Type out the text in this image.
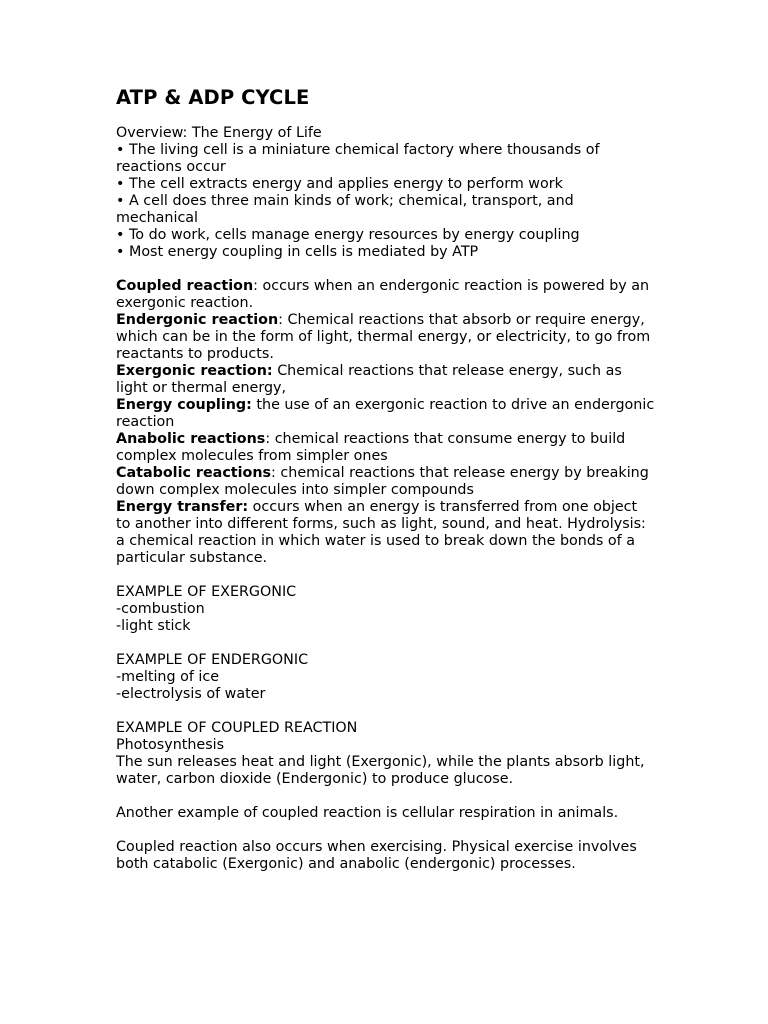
ATP & ADP CYCLE

Overview: The Energy of Life

• The living cell is a miniature chemical factory where thousands of reactions occur

• The cell extracts energy and applies energy to perform work

• A cell does three main kinds of work; chemical, transport, and mechanical

• To do work, cells manage energy resources by energy coupling

• Most energy coupling in cells is mediated by ATP

Coupled reaction: occurs when an endergonic reaction is powered by an exergonic reaction.

Endergonic reaction: Chemical reactions that absorb or require energy, which can be in the form of light, thermal energy, or electricity, to go from reactants to products.

Exergonic reaction: Chemical reactions that release energy, such as light or thermal energy,

Energy coupling: the use of an exergonic reaction to drive an endergonic reaction

Anabolic reactions: chemical reactions that consume energy to build complex molecules from simpler ones

Catabolic reactions: chemical reactions that release energy by breaking down complex molecules into simpler compounds

Energy transfer: occurs when an energy is transferred from one object to another into different forms, such as light, sound, and heat. Hydrolysis: a chemical reaction in which water is used to break down the bonds of a particular substance.

EXAMPLE OF EXERGONIC

-combustion

-light stick

EXAMPLE OF ENDERGONIC

-melting of ice

-electrolysis of water

EXAMPLE OF COUPLED REACTION

Photosynthesis

The sun releases heat and light (Exergonic), while the plants absorb light, water, carbon dioxide (Endergonic) to produce glucose.

Another example of coupled reaction is cellular respiration in animals.

Coupled reaction also occurs when exercising. Physical exercise involves both catabolic (Exergonic) and anabolic (endergonic) processes.
